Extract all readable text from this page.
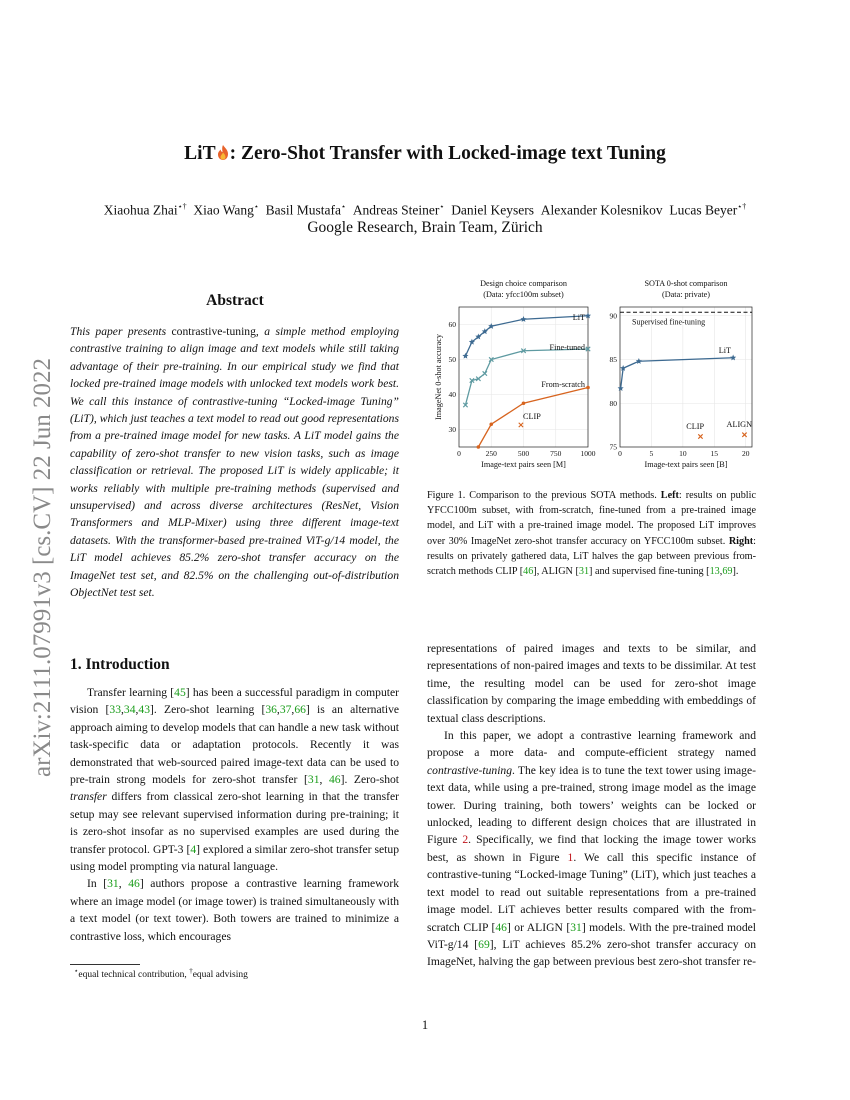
arXiv:2111.07991v3 [cs.CV] 22 Jun 2022
LiT : Zero-Shot Transfer with Locked-image text Tuning
Xiaohua Zhai⋆† Xiao Wang⋆ Basil Mustafa⋆ Andreas Steiner⋆ Daniel Keysers Alexander Kolesnikov Lucas Beyer⋆†
Google Research, Brain Team, Zürich
Abstract
This paper presents contrastive-tuning, a simple method employing contrastive training to align image and text models while still taking advantage of their pre-training. In our empirical study we find that locked pre-trained image models with unlocked text models work best. We call this instance of contrastive-tuning “Locked-image Tuning” (LiT), which just teaches a text model to read out good representations from a pre-trained image model for new tasks. A LiT model gains the capability of zero-shot transfer to new vision tasks, such as image classification or retrieval. The proposed LiT is widely applicable; it works reliably with multiple pre-training methods (supervised and unsupervised) and across diverse architectures (ResNet, Vision Transformers and MLP-Mixer) using three different image-text datasets. With the transformer-based pre-trained ViT-g/14 model, the LiT model achieves 85.2% zero-shot transfer accuracy on the ImageNet test set, and 82.5% on the challenging out-of-distribution ObjectNet test set.
0	250	500	750	1000
30
40
50
60
Design choice comparison
(Data: yfcc100m subset)
Image-text pairs seen [M]
ImageNet 0-shot accuracy
LiT
Fine-tuned
From-scratch
CLIP
0	5	10	15	20
75
80
85
90
SOTA 0-shot comparison
(Data: private)
Image-text pairs seen [B]
Supervised fine-tuning
LiT
CLIP	ALIGN
Figure 1. Comparison to the previous SOTA methods. Left: results on public YFCC100m subset, with from-scratch, fine-tuned from a pre-trained image model, and LiT with a pre-trained image model. The proposed LiT improves over 30% ImageNet zero-shot transfer accuracy on YFCC100m subset. Right: results on privately gathered data, LiT halves the gap between previous from-scratch methods CLIP [46], ALIGN [31] and supervised fine-tuning [13,69].
1. Introduction

Transfer learning [45] has been a successful paradigm in computer vision [33,34,43]. Zero-shot learning [36,37,66] is an alternative approach aiming to develop models that can handle a new task without task-specific data or adaptation protocols. Recently it was demonstrated that web-sourced paired image-text data can be used to pre-train strong models for zero-shot transfer [31, 46]. Zero-shot transfer differs from classical zero-shot learning in that the transfer setup may see relevant supervised information during pre-training; it is zero-shot insofar as no supervised examples are used during the transfer protocol. GPT-3 [4] explored a similar zero-shot transfer setup using model prompting via natural language.

In [31, 46] authors propose a contrastive learning framework where an image model (or image tower) is trained simultaneously with a text model (or text tower). Both towers are trained to minimize a contrastive loss, which encourages

representations of paired images and texts to be similar, and representations of non-paired images and texts to be dissimilar. At test time, the resulting model can be used for zero-shot image classification by comparing the image embedding with embeddings of textual class descriptions.

In this paper, we adopt a contrastive learning framework and propose a more data- and compute-efficient strategy named contrastive-tuning. The key idea is to tune the text tower using image-text data, while using a pre-trained, strong image model as the image tower. During training, both towers’ weights can be locked or unlocked, leading to different design choices that are illustrated in Figure 2. Specifically, we find that locking the image tower works best, as shown in Figure 1. We call this specific instance of contrastive-tuning “Locked-image Tuning” (LiT), which just teaches a text model to read out suitable representations from a pre-trained image model. LiT achieves better results compared with the from-scratch CLIP [46] or ALIGN [31] models. With the pre-trained model ViT-g/14 [69], LiT achieves 85.2% zero-shot transfer accuracy on ImageNet, halving the gap between previous best zero-shot transfer re-

⋆equal technical contribution, †equal advising
1
